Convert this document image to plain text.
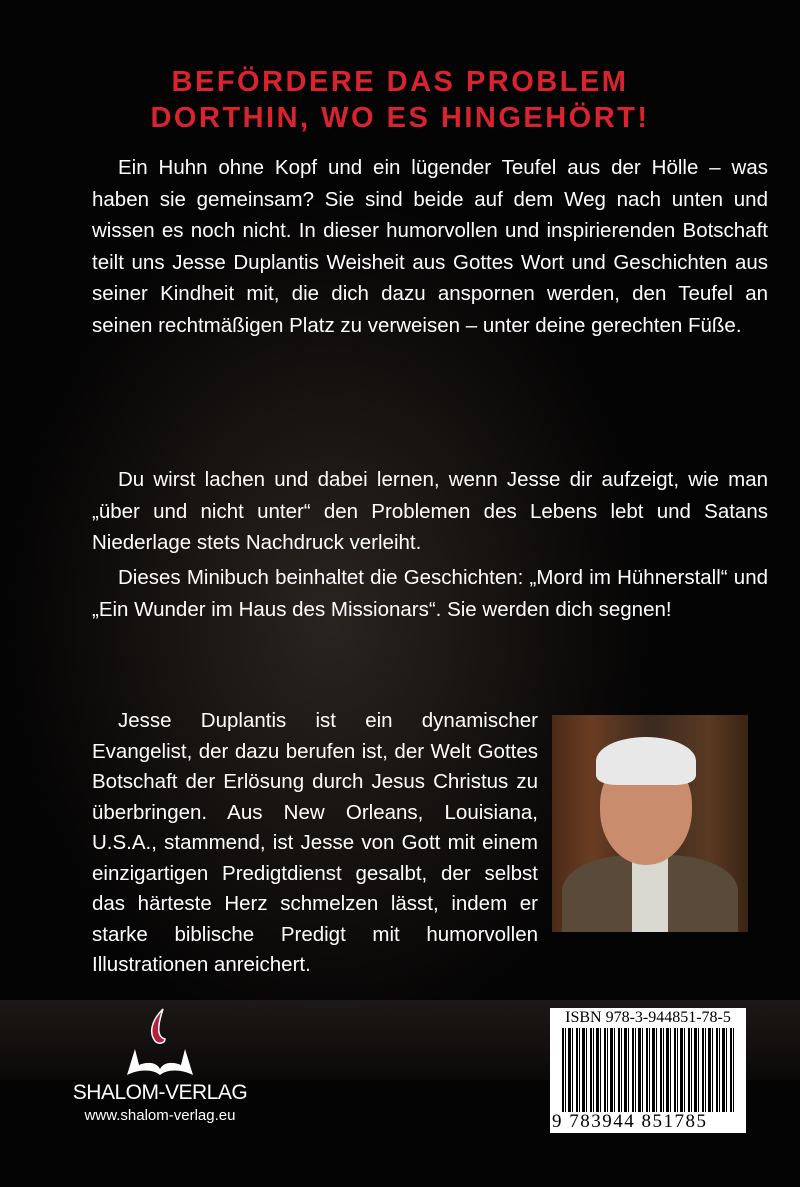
BEFÖRDERE DAS PROBLEM
DORTHIN, WO ES HINGEHÖRT!

Ein Huhn ohne Kopf und ein lügender Teufel aus der Hölle – was haben sie gemeinsam? Sie sind beide auf dem Weg nach unten und wissen es noch nicht. In dieser humorvollen und inspirierenden Botschaft teilt uns Jesse Duplantis Weisheit aus Gottes Wort und Geschichten aus seiner Kindheit mit, die dich dazu anspornen werden, den Teufel an seinen rechtmäßigen Platz zu verweisen – unter deine gerechten Füße.

Du wirst lachen und dabei lernen, wenn Jesse dir aufzeigt, wie man „über und nicht unter“ den Problemen des Lebens lebt und Satans Niederlage stets Nachdruck verleiht.

Dieses Minibuch beinhaltet die Geschichten: „Mord im Hühnerstall“ und „Ein Wunder im Haus des Missionars“. Sie werden dich segnen!

Jesse Duplantis ist ein dynamischer Evangelist, der dazu berufen ist, der Welt Gottes Botschaft der Erlösung durch Jesus Christus zu überbringen. Aus New Orleans, Louisiana, U.S.A., stammend, ist Jesse von Gott mit einem einzigartigen Predigtdienst gesalbt, der selbst das härteste Herz schmelzen lässt, indem er starke biblische Predigt mit humorvollen Illustrationen anreichert.

SHALOM-VERLAG
www.shalom-verlag.eu
ISBN 978-3-944851-78-5
9 783944 851785
